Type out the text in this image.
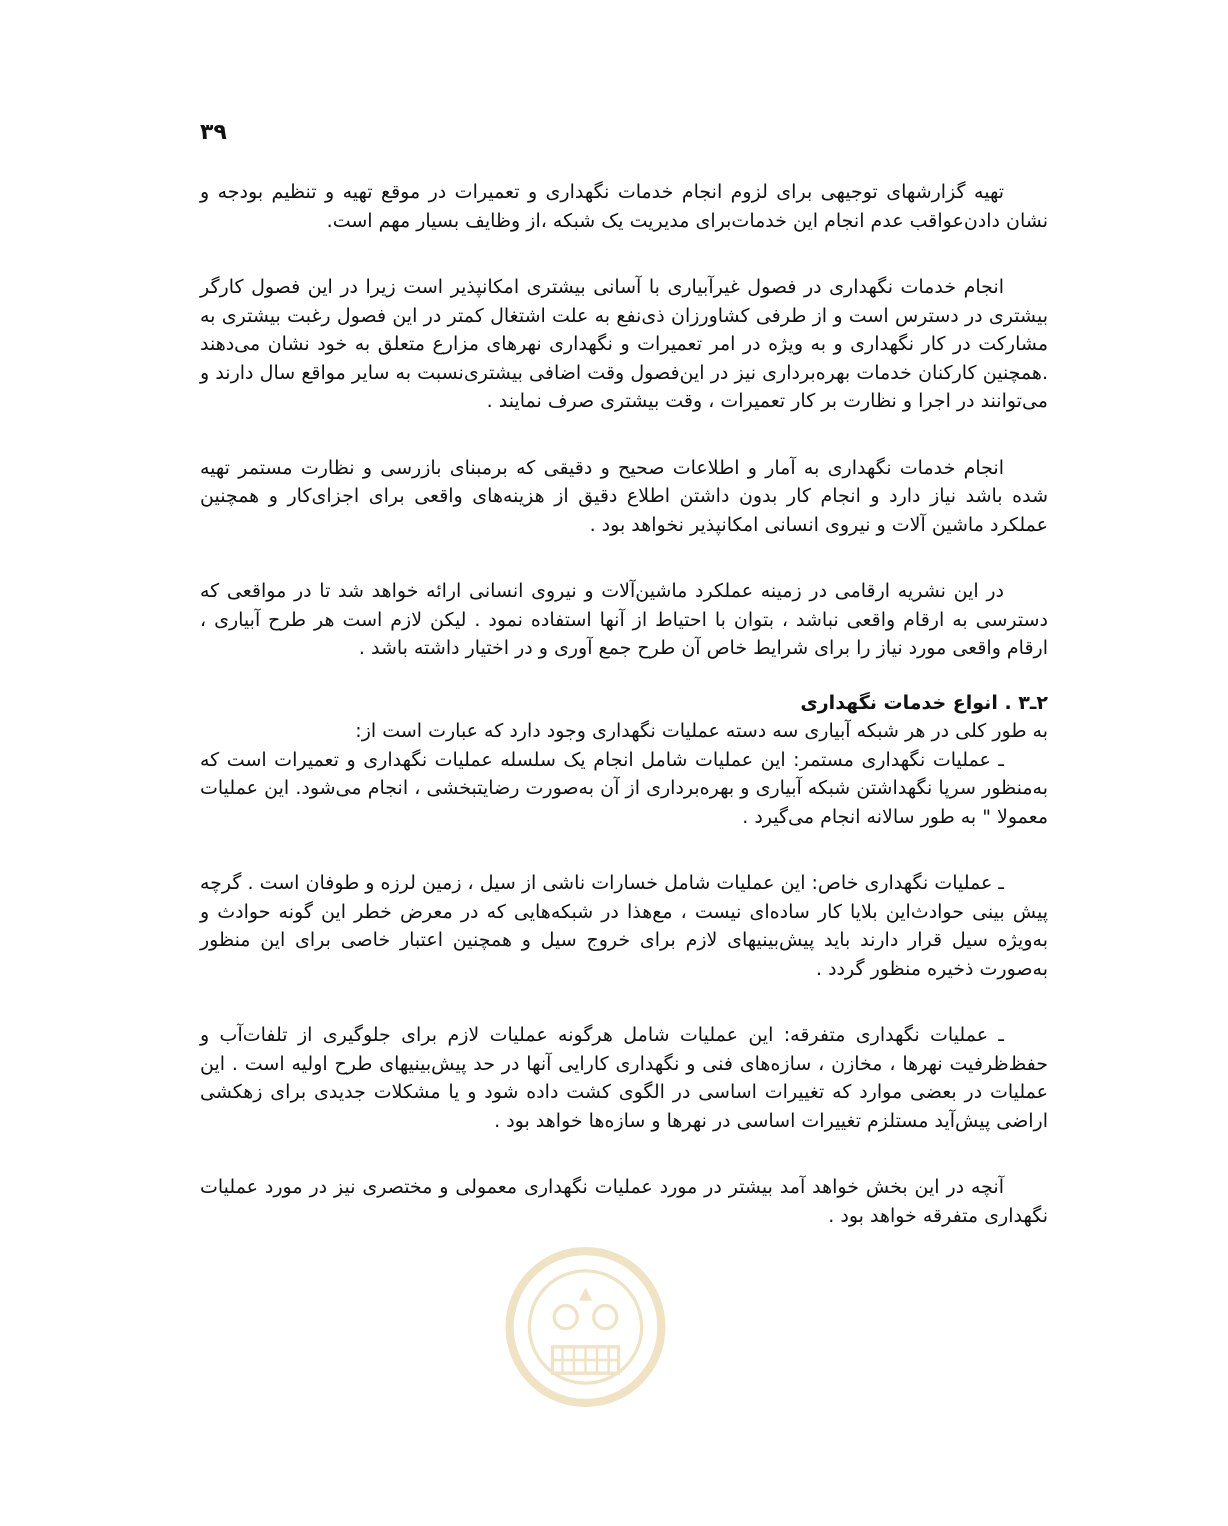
۳۹

تهیه گزارشهای توجیهی برای لزوم انجام خدمات نگهداری و تعمیرات در موقع تهیه و تنظیم بودجه و نشان دادن‌عواقب عدم انجام این خدمات‌برای مدیریت یک شبکه ،از وظایف بسیار مهم است.

انجام خدمات نگهداری در فصول غیرآبیاری با آسانی بیشتری امکانپذیر است زیرا در این فصول کارگر بیشتری در دسترس است و از طرفی کشاورزان ذی‌نفع به علت اشتغال کمتر در این فصول رغبت بیشتری به مشارکت در کار نگهداری و به ویژه در امر تعمیرات و نگهداری نهرهای مزارع متعلق به خود نشان می‌دهند .همچنین کارکنان خدمات بهره‌برداری نیز در این‌فصول وقت اضافی بیشتری‌نسبت به سایر مواقع سال دارند و می‌توانند در اجرا و نظارت بر کار تعمیرات ، وقت بیشتری صرف نمایند .

انجام خدمات نگهداری به آمار و اطلاعات صحیح و دقیقی که برمبنای بازرسی و نظارت مستمر تهیه شده باشد نیاز دارد و انجام کار بدون داشتن اطلاع دقیق از هزینه‌های واقعی برای اجزای‌کار و همچنین عملکرد ماشین آلات و نیروی انسانی امکانپذیر نخواهد بود .

در این نشریه ارقامی در زمینه عملکرد ماشین‌آلات و نیروی انسانی ارائه خواهد شد تا در مواقعی که دسترسی به ارقام واقعی نباشد ، بتوان با احتیاط از آنها استفاده نمود . لیکن لازم است هر طرح آبیاری ، ارقام واقعی مورد نیاز را برای شرایط خاص آن طرح جمع آوری و در اختیار داشته باشد .

۲ـ۳ . انواع خدمات نگهداری

به طور کلی در هر شبکه آبیاری سه دسته عملیات نگهداری وجود دارد که عبارت است از:

ـ عملیات نگهداری مستمر: این عملیات شامل انجام یک سلسله عملیات نگهداری و تعمیرات است که به‌منظور سرپا نگهداشتن شبکه آبیاری و بهره‌برداری از آن به‌صورت رضایتبخشی ، انجام می‌شود. این عملیات معمولا " به طور سالانه انجام می‌گیرد .

ـ عملیات نگهداری خاص: این عملیات شامل خسارات ناشی از سیل ، زمین لرزه و طوفان است . گرچه پیش بینی حوادث‌این بلایا کار ساده‌ای نیست ، مع‌هذا در شبکه‌هایی که در معرض خطر این گونه حوادث و به‌ویژه سیل قرار دارند باید پیش‌بینیهای لازم برای خروج سیل و همچنین اعتبار خاصی برای این منظور به‌صورت ذخیره منظور گردد .

ـ عملیات نگهداری متفرقه: این عملیات شامل هرگونه عملیات لازم برای جلوگیری از تلفات‌آب و حفظ‌ظرفیت نهرها ، مخازن ، سازه‌های فنی و نگهداری کارایی آنها در حد پیش‌بینیهای طرح اولیه است . این عملیات در بعضی موارد که تغییرات اساسی در الگوی کشت داده شود و یا مشکلات جدیدی برای زهکشی اراضی پیش‌آید مستلزم تغییرات اساسی در نهرها و سازه‌ها خواهد بود .

آنچه در این بخش خواهد آمد بیشتر در مورد عملیات نگهداری معمولی و مختصری نیز در مورد عملیات نگهداری متفرقه خواهد بود .
